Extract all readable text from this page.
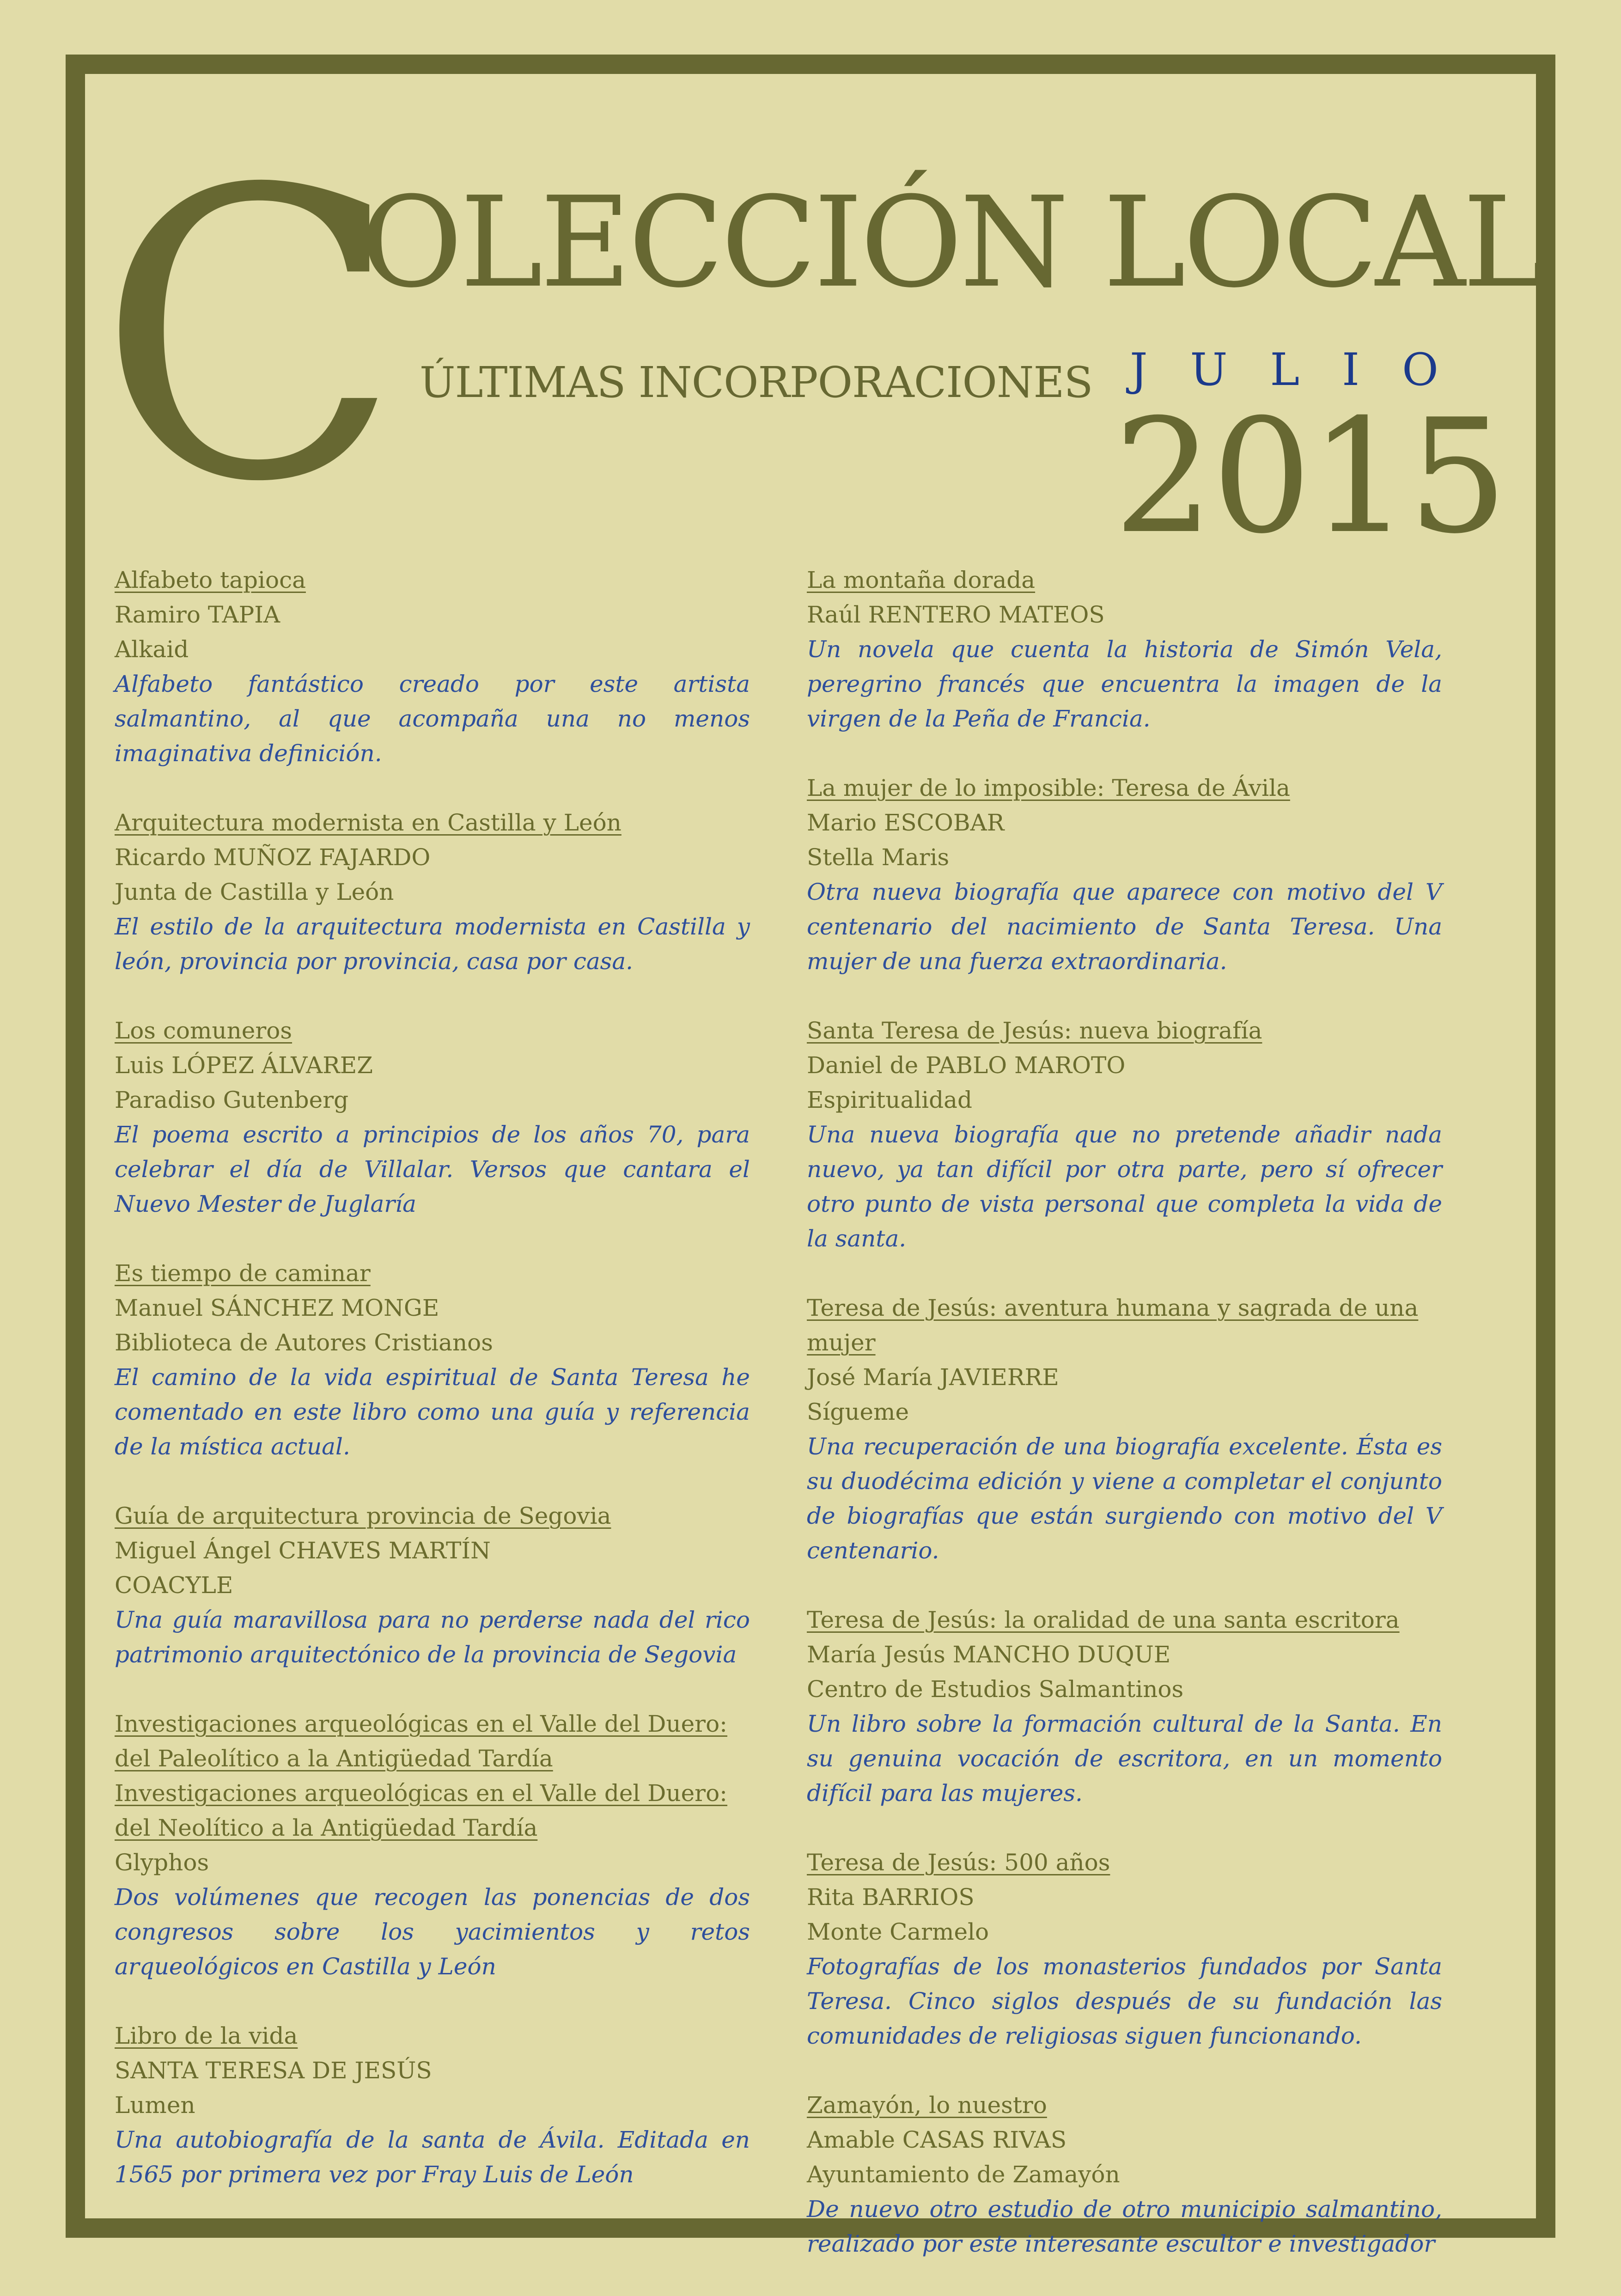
C
OLECCIÓN LOCAL
ÚLTIMAS INCORPORACIONES JULIO
2015
Alfabeto tapioca
Ramiro TAPIA
Alkaid
Alfabeto fantástico creado por este artista salmantino, al que acompaña una no menos imaginativa definición.
Arquitectura modernista en Castilla y León
Ricardo MUÑOZ FAJARDO
Junta de Castilla y León
El estilo de la arquitectura modernista en Castilla y león, provincia por provincia, casa por casa.
Los comuneros
Luis LÓPEZ ÁLVAREZ
Paradiso Gutenberg
El poema escrito a principios de los años 70, para celebrar el día de Villalar. Versos que cantara el Nuevo Mester de Juglaría
Es tiempo de caminar
Manuel SÁNCHEZ MONGE
Biblioteca de Autores Cristianos
El camino de la vida espiritual de Santa Teresa he comentado en este libro como una guía y referencia de la mística actual.
Guía de arquitectura provincia de Segovia
Miguel Ángel CHAVES MARTÍN
COACYLE
Una guía maravillosa para no perderse nada del rico patrimonio arquitectónico de la provincia de Segovia
Investigaciones arqueológicas en el Valle del Duero: del Paleolítico a la Antigüedad Tardía
Investigaciones arqueológicas en el Valle del Duero: del Neolítico a la Antigüedad Tardía
Glyphos
Dos volúmenes que recogen las ponencias de dos congresos sobre los yacimientos y retos arqueológicos en Castilla y León
Libro de la vida
SANTA TERESA DE JESÚS
Lumen
Una autobiografía de la santa de Ávila. Editada en 1565 por primera vez por Fray Luis de León
La montaña dorada
Raúl RENTERO MATEOS
Un novela que cuenta la historia de Simón Vela, peregrino francés que encuentra la imagen de la virgen de la Peña de Francia.
La mujer de lo imposible: Teresa de Ávila
Mario ESCOBAR
Stella Maris
Otra nueva biografía que aparece con motivo del V centenario del nacimiento de Santa Teresa. Una mujer de una fuerza extraordinaria.
Santa Teresa de Jesús: nueva biografía
Daniel de PABLO MAROTO
Espiritualidad
Una nueva biografía que no pretende añadir nada nuevo, ya tan difícil por otra parte, pero sí ofrecer otro punto de vista personal que completa la vida de la santa.
Teresa de Jesús: aventura humana y sagrada de una mujer
José María JAVIERRE
Sígueme
Una recuperación de una biografía excelente. Ésta es su duodécima edición y viene a completar el conjunto de biografías que están surgiendo con motivo del V centenario.
Teresa de Jesús: la oralidad de una santa escritora
María Jesús MANCHO DUQUE
Centro de Estudios Salmantinos
Un libro sobre la formación cultural de la Santa. En su genuina vocación de escritora, en un momento difícil para las mujeres.
Teresa de Jesús: 500 años
Rita BARRIOS
Monte Carmelo
Fotografías de los monasterios fundados por Santa Teresa. Cinco siglos después de su fundación las comunidades de religiosas siguen funcionando.
Zamayón, lo nuestro
Amable CASAS RIVAS
Ayuntamiento de Zamayón
De nuevo otro estudio de otro municipio salmantino, realizado por este interesante escultor e investigador
